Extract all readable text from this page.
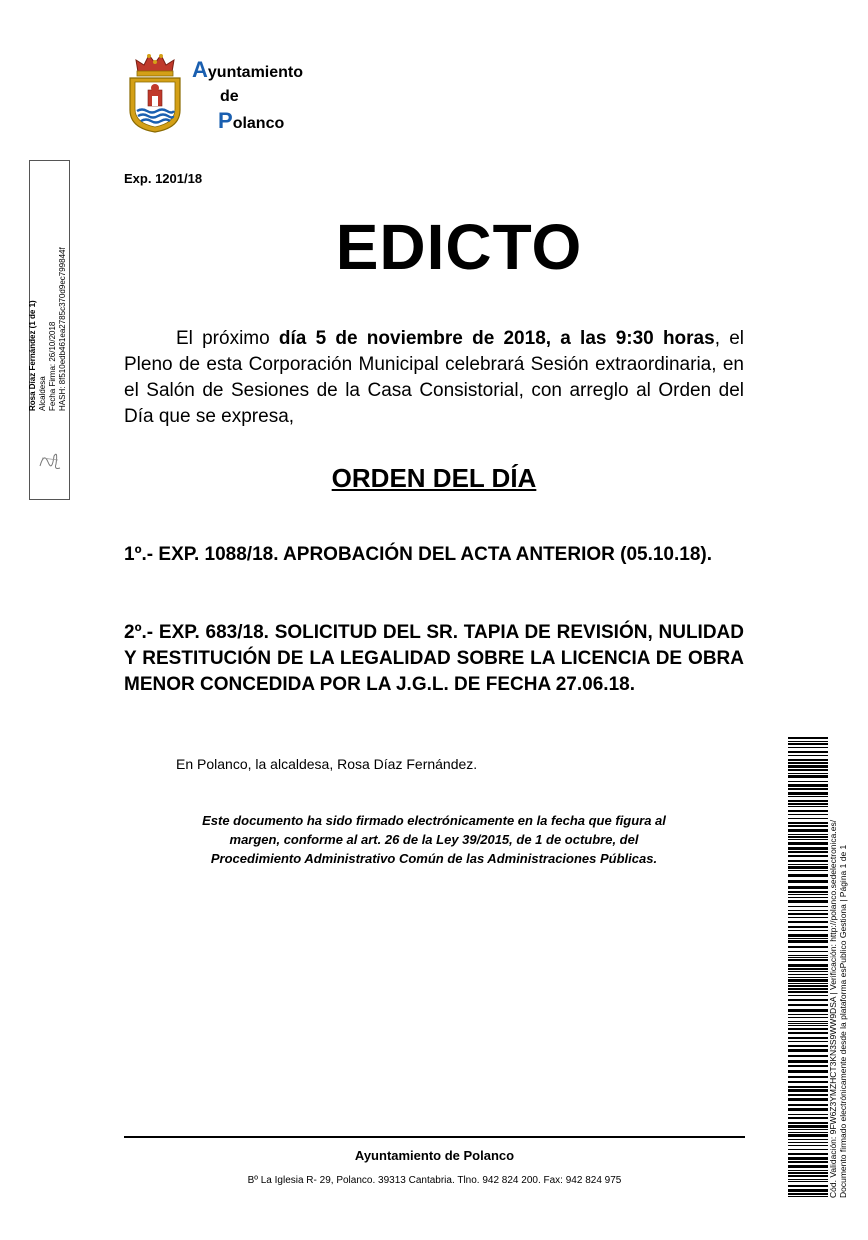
Ayuntamiento
de
Polanco
Rosa Díaz Fernández (1 de 1) Alcaldesa Fecha Firma: 26/10/2018 HASH: 8f510edb461ea2785c370d9ec799844f
Exp. 1201/18
EDICTO
El próximo día 5 de noviembre de 2018, a las 9:30 horas, el Pleno de esta Corporación Municipal celebrará Sesión extraordinaria, en el Salón de Sesiones de la Casa Consistorial, con arreglo al Orden del Día que se expresa,
ORDEN DEL DÍA
1º.- EXP. 1088/18. APROBACIÓN DEL ACTA ANTERIOR (05.10.18).
2º.- EXP. 683/18. SOLICITUD DEL SR. TAPIA DE REVISIÓN, NULIDAD Y RESTITUCIÓN DE LA LEGALIDAD SOBRE LA LICENCIA DE OBRA MENOR CONCEDIDA POR LA J.G.L. DE FECHA 27.06.18.
En Polanco, la alcaldesa, Rosa Díaz Fernández.
Este documento ha sido firmado electrónicamente en la fecha que figura al
margen, conforme al art. 26 de la Ley 39/2015, de 1 de octubre, del
Procedimiento Administrativo Común de las Administraciones Públicas.
Ayuntamiento de Polanco
Bº La Iglesia R- 29, Polanco. 39313 Cantabria. Tlno. 942 824 200. Fax: 942 824 975	Cód. Validación: 9FW6Z3YMZHCT3KN3S9WW9DSA | Verificación: http://polanco.sedelectronica.es/ Documento firmado electrónicamente desde la plataforma esPublico Gestiona | Página 1 de 1
